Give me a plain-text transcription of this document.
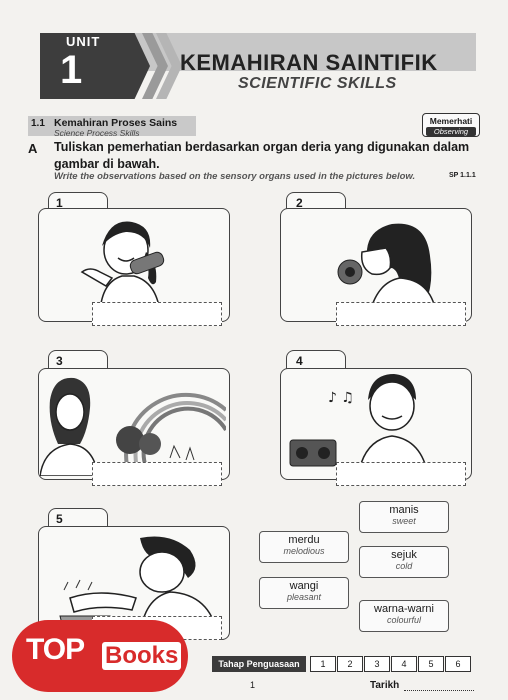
UNIT
1	KEMAHIRAN SAINTIFIK
SCIENTIFIC SKILLS
1.1 Kemahiran Proses Sains
Science Process Skills
Memerhati
Observing
A Tuliskan pemerhatian berdasarkan organ deria yang digunakan dalam gambar di bawah.
Write the observations based on the sensory organs used in the pictures below.	SP 1.1.1
1	2
3	4
♪ ♫
5
manis
sweet
merdu
melodious	sejuk
cold
wangi
pleasant
warna-warni
colourful
TOP Books	Tahap Penguasaan	1	2	3	4	5	6
1	Tarikh
